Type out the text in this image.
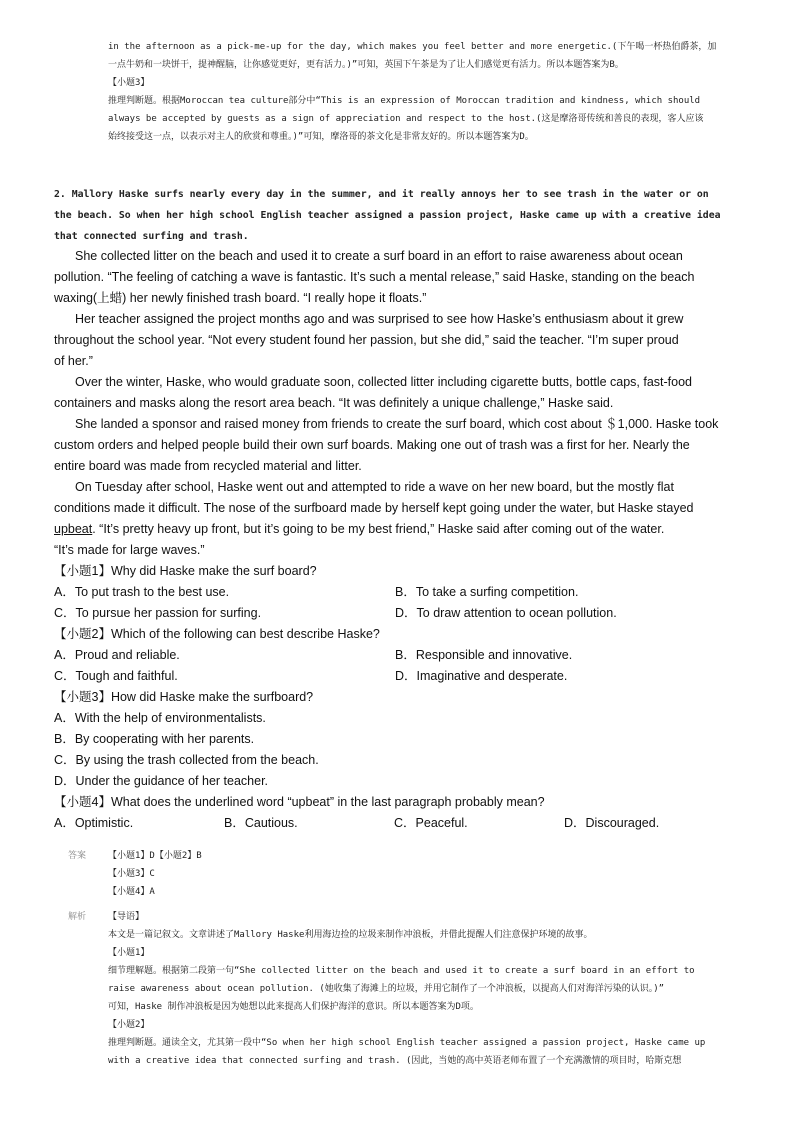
in the afternoon as a pick-me-up for the day, which makes you feel better and more energetic.(下午喝一杯热伯爵茶，加

一点牛奶和一块饼干，提神醒脑，让你感觉更好，更有活力。)”可知，英国下午茶是为了让人们感觉更有活力。所以本题答案为B。

【小题3】

推理判断题。根据Moroccan tea culture部分中“This is an expression of Moroccan tradition and kindness, which should

always be accepted by guests as a sign of appreciation and respect to the host.(这是摩洛哥传统和善良的表现，客人应该

始终接受这一点，以表示对主人的欣赏和尊重。)”可知，摩洛哥的茶文化是非常友好的。所以本题答案为D。

2. Mallory Haske surfs nearly every day in the summer, and it really annoys her to see trash in the water or on

the beach. So when her high school English teacher assigned a passion project, Haske came up with a creative idea

that connected surfing and trash.

She collected litter on the beach and used it to create a surf board in an effort to raise awareness about ocean

pollution. “The feeling of catching a wave is fantastic. It’s such a mental release,” said Haske, standing on the beach

waxing(上蜡) her newly finished trash board. “I really hope it floats.”

Her teacher assigned the project months ago and was surprised to see how Haske’s enthusiasm about it grew

throughout the school year. “Not every student found her passion, but she did,” said the teacher. “I’m super proud

of her.”

Over the winter, Haske, who would graduate soon, collected litter including cigarette butts, bottle caps, fast-food

containers and masks along the resort area beach. “It was definitely a unique challenge,” Haske said.

She landed a sponsor and raised money from friends to create the surf board, which cost about ＄1,000. Haske took

custom orders and helped people build their own surf boards. Making one out of trash was a first for her. Nearly the

entire board was made from recycled material and litter.

On Tuesday after school, Haske went out and attempted to ride a wave on her new board, but the mostly flat

conditions made it difficult. The nose of the surfboard made by herself kept going under the water, but Haske stayed

upbeat. “It’s pretty heavy up front, but it’s going to be my best friend,” Haske said after coming out of the water.

“It’s made for large waves.”

【小题1】Why did Haske make the surf board?

A．To put trash to the best use.	B．To take a surfing competition.
C．To pursue her passion for surfing.	D．To draw attention to ocean pollution.

【小题2】Which of the following can best describe Haske?

A．Proud and reliable.	B．Responsible and innovative.
C．Tough and faithful.	D．Imaginative and desperate.

【小题3】How did Haske make the surfboard?

A．With the help of environmentalists.

B．By cooperating with her parents.

C．By using the trash collected from the beach.

D．Under the guidance of her teacher.

【小题4】What does the underlined word “upbeat” in the last paragraph probably mean?

A．Optimistic.	B．Cautious.	C．Peaceful.	D．Discouraged.
答案	【小题1】D【小题2】B

【小题3】C

【小题4】A

解析	【导语】

本文是一篇记叙文。文章讲述了Mallory Haske利用海边捡的垃圾来制作冲浪板，并借此提醒人们注意保护环境的故事。

【小题1】

细节理解题。根据第二段第一句“She collected litter on the beach and used it to create a surf board in an effort to

raise awareness about ocean pollution. (她收集了海滩上的垃圾，并用它制作了一个冲浪板，以提高人们对海洋污染的认识。)”

可知，Haske 制作冲浪板是因为她想以此来提高人们保护海洋的意识。所以本题答案为D项。

【小题2】

推理判断题。通读全文，尤其第一段中“So when her high school English teacher assigned a passion project, Haske came up

with a creative idea that connected surfing and trash. (因此，当她的高中英语老师布置了一个充满激情的项目时，哈斯克想
